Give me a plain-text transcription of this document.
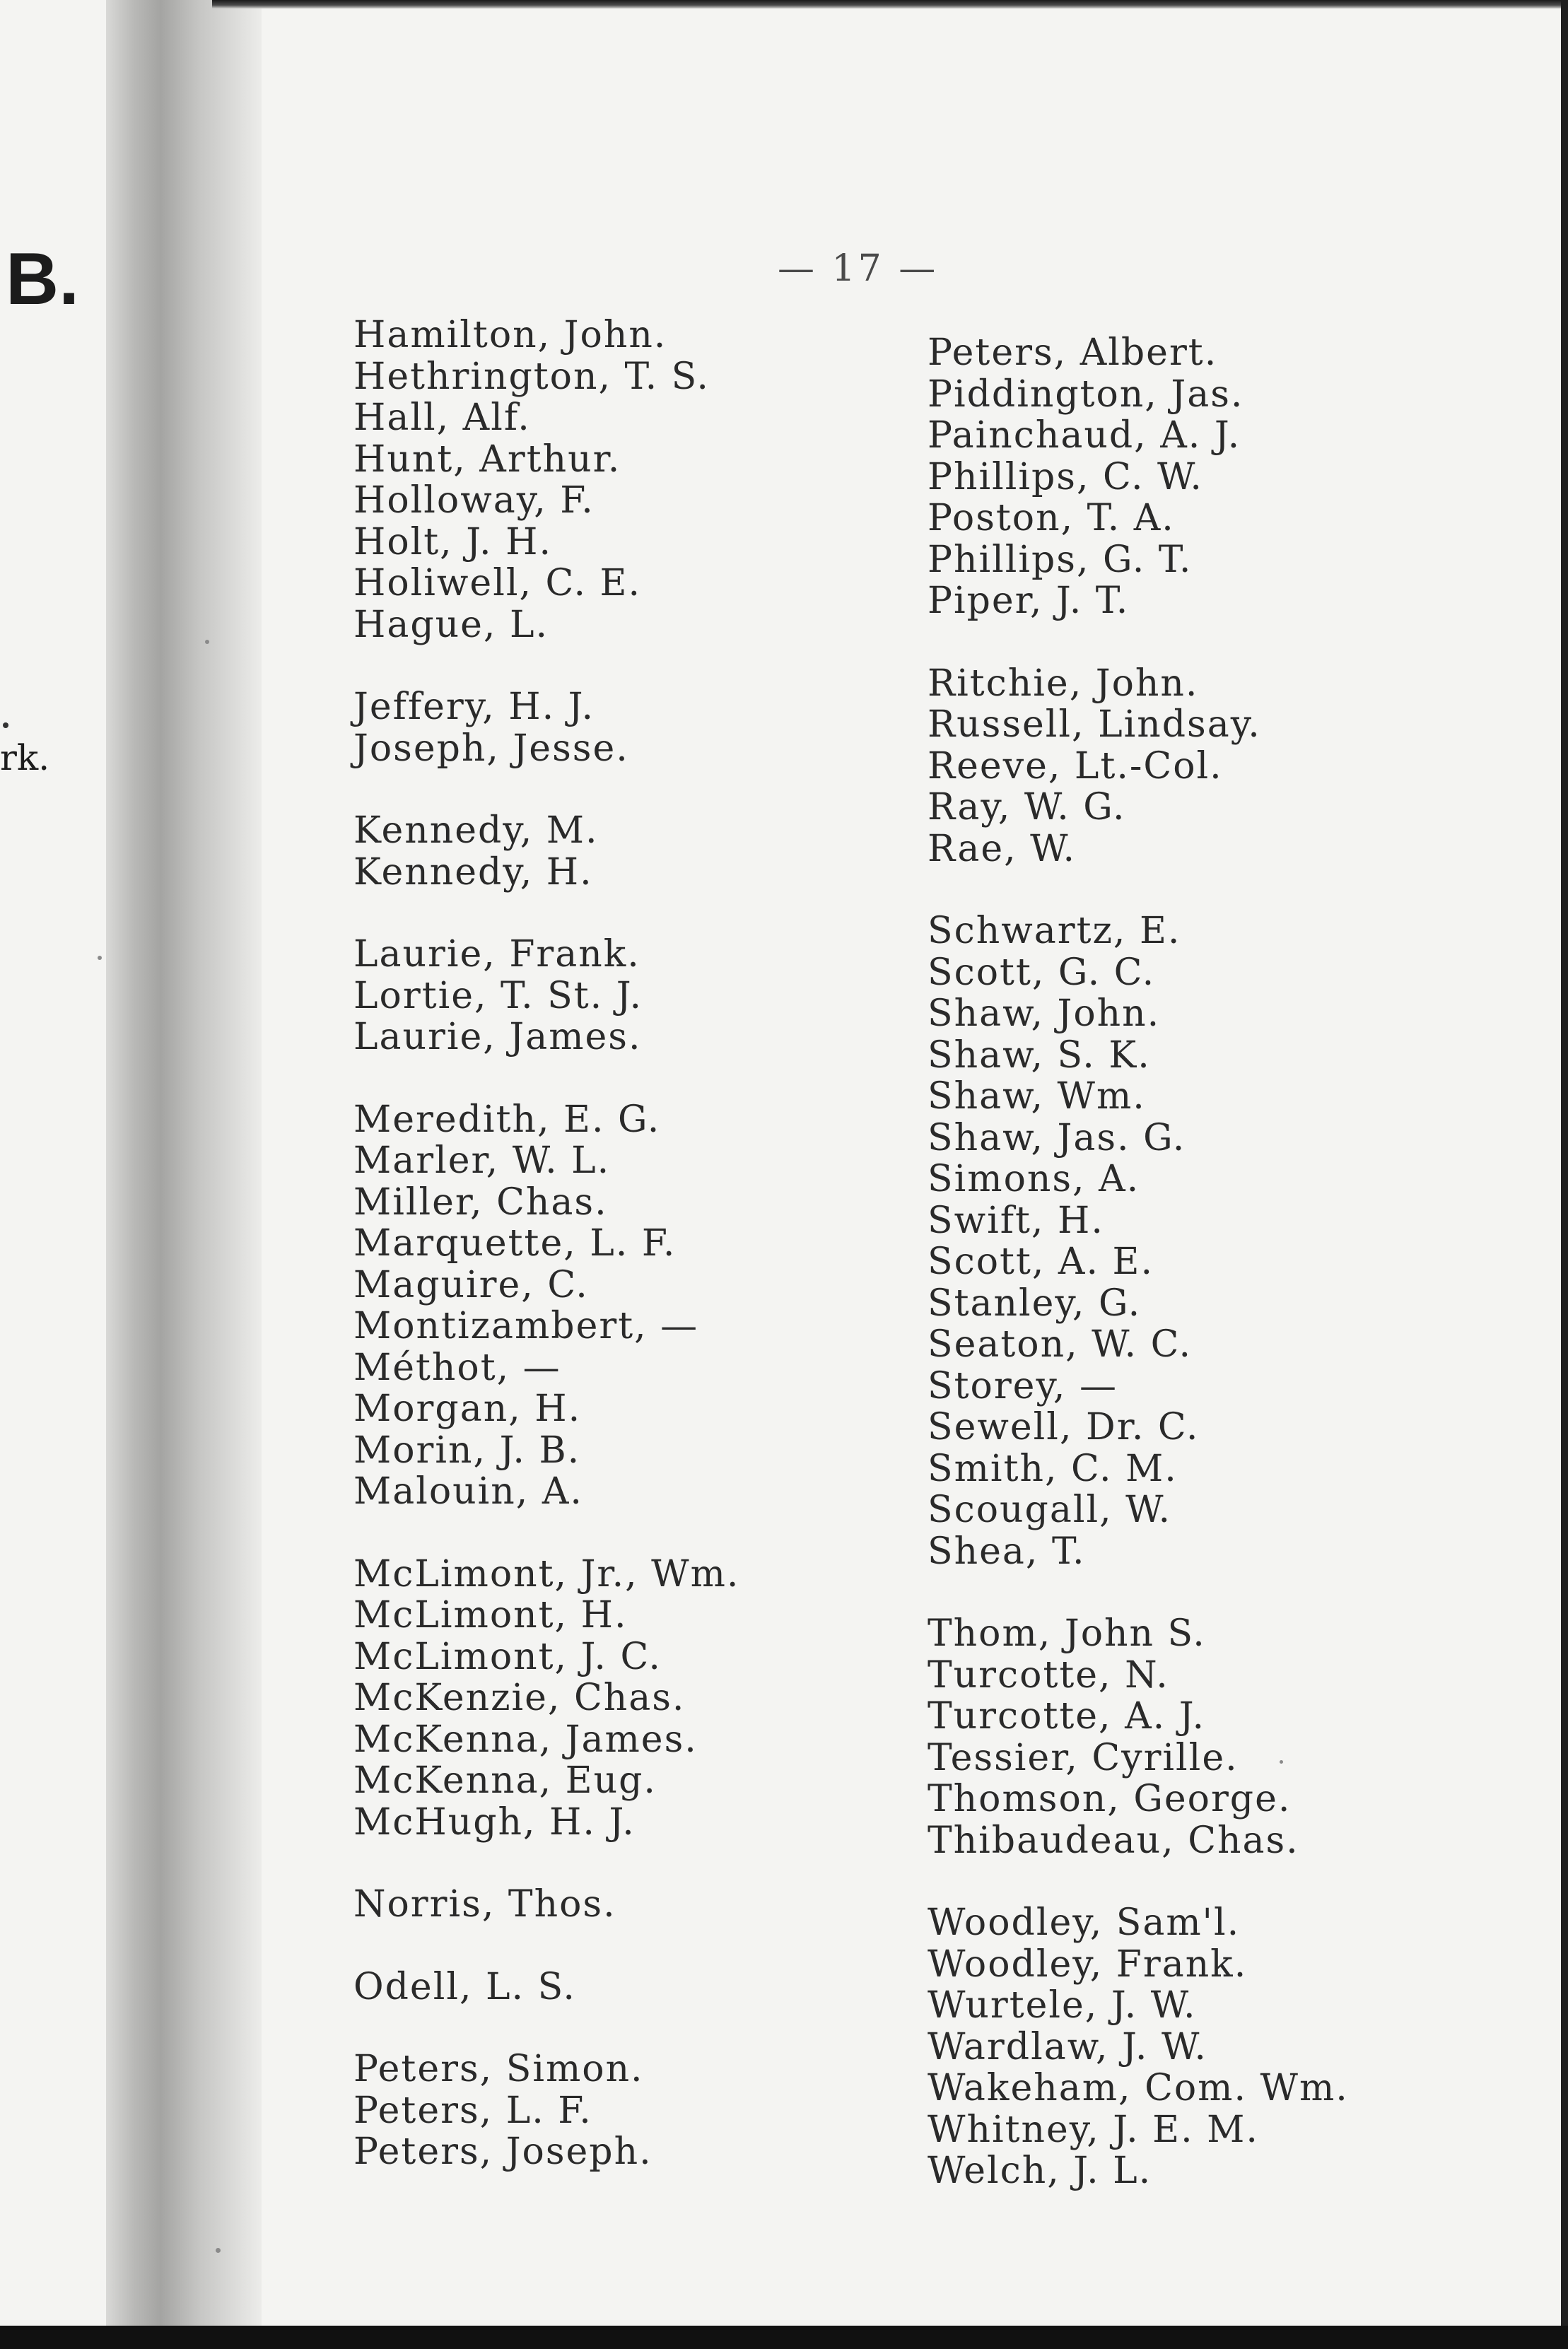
B.
rk.
— 17 —
Hamilton, John.
Hethrington, T. S.
Hall, Alf.
Hunt, Arthur.
Holloway, F.
Holt, J. H.
Holiwell, C. E.
Hague, L.
Jeffery, H. J.
Joseph, Jesse.
Kennedy, M.
Kennedy, H.
Laurie, Frank.
Lortie, T. St. J.
Laurie, James.
Meredith, E. G.
Marler, W. L.
Miller, Chas.
Marquette, L. F.
Maguire, C.
Montizambert, —
Méthot, —
Morgan, H.
Morin, J. B.
Malouin, A.
McLimont, Jr., Wm.
McLimont, H.
McLimont, J. C.
McKenzie, Chas.
McKenna, James.
McKenna, Eug.
McHugh, H. J.
Norris, Thos.
Odell, L. S.
Peters, Simon.
Peters, L. F.
Peters, Joseph.
Peters, Albert.
Piddington, Jas.
Painchaud, A. J.
Phillips, C. W.
Poston, T. A.
Phillips, G. T.
Piper, J. T.
Ritchie, John.
Russell, Lindsay.
Reeve, Lt.-Col.
Ray, W. G.
Rae, W.
Schwartz, E.
Scott, G. C.
Shaw, John.
Shaw, S. K.
Shaw, Wm.
Shaw, Jas. G.
Simons, A.
Swift, H.
Scott, A. E.
Stanley, G.
Seaton, W. C.
Storey, —
Sewell, Dr. C.
Smith, C. M.
Scougall, W.
Shea, T.
Thom, John S.
Turcotte, N.
Turcotte, A. J.
Tessier, Cyrille.
Thomson, George.
Thibaudeau, Chas.
Woodley, Sam'l.
Woodley, Frank.
Wurtele, J. W.
Wardlaw, J. W.
Wakeham, Com. Wm.
Whitney, J. E. M.
Welch, J. L.
